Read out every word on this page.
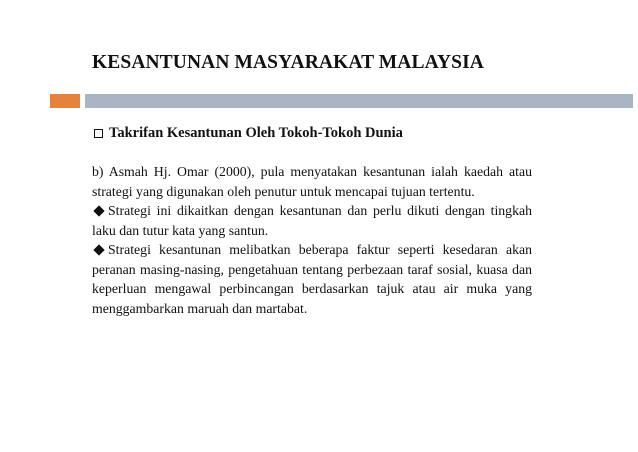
KESANTUNAN MASYARAKAT MALAYSIA
Takrifan Kesantunan Oleh Tokoh-Tokoh Dunia

b) Asmah Hj. Omar (2000), pula menyatakan kesantunan ialah kaedah atau strategi yang digunakan oleh penutur untuk mencapai tujuan tertentu.

Strategi ini dikaitkan dengan kesantunan dan perlu dikuti dengan tingkah laku dan tutur kata yang santun.

Strategi kesantunan melibatkan beberapa faktur seperti kesedaran akan peranan masing-nasing, pengetahuan tentang perbezaan taraf sosial, kuasa dan keperluan mengawal perbincangan berdasarkan tajuk atau air muka yang menggambarkan maruah dan martabat.
